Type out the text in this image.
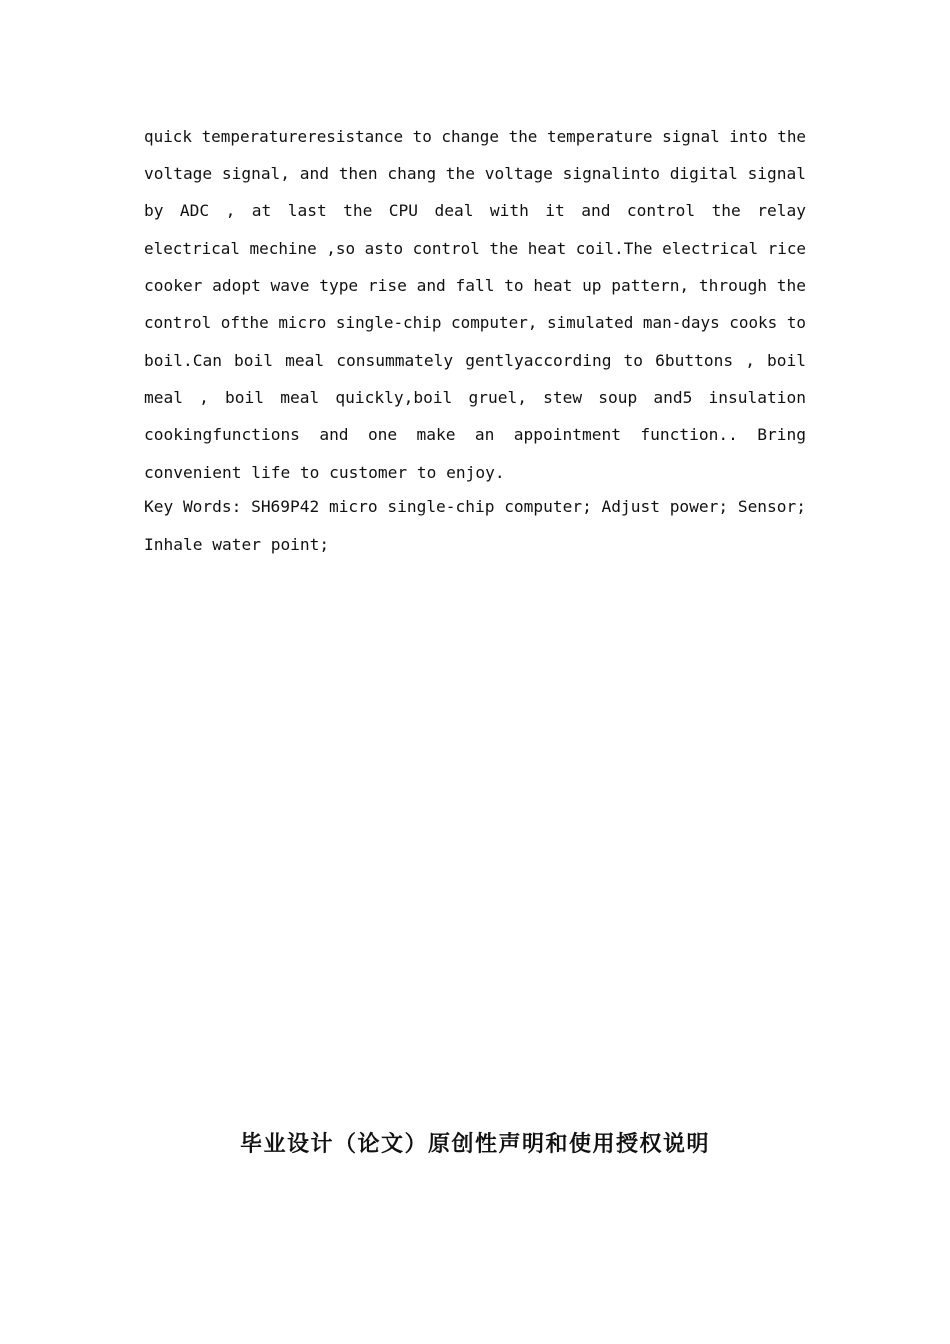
quick temperatureresistance to change the temperature signal into the
voltage signal, and then chang the voltage signalinto digital signal
by ADC , at last the CPU deal with it and control the relay
electrical mechine ,so asto control the heat coil.The electrical rice
cooker adopt wave type rise and fall to heat up pattern, through the
control ofthe micro single-chip computer, simulated man-days cooks to
boil.Can boil meal consummately gentlyaccording to 6buttons , boil
meal , boil meal quickly,boil gruel, stew soup and5 insulation
cookingfunctions and one make an appointment function.. Bring
convenient life to customer to enjoy.
Key Words: SH69P42 micro single-chip computer; Adjust power; Sensor;
Inhale water point;
毕业设计（论文）原创性声明和使用授权说明
